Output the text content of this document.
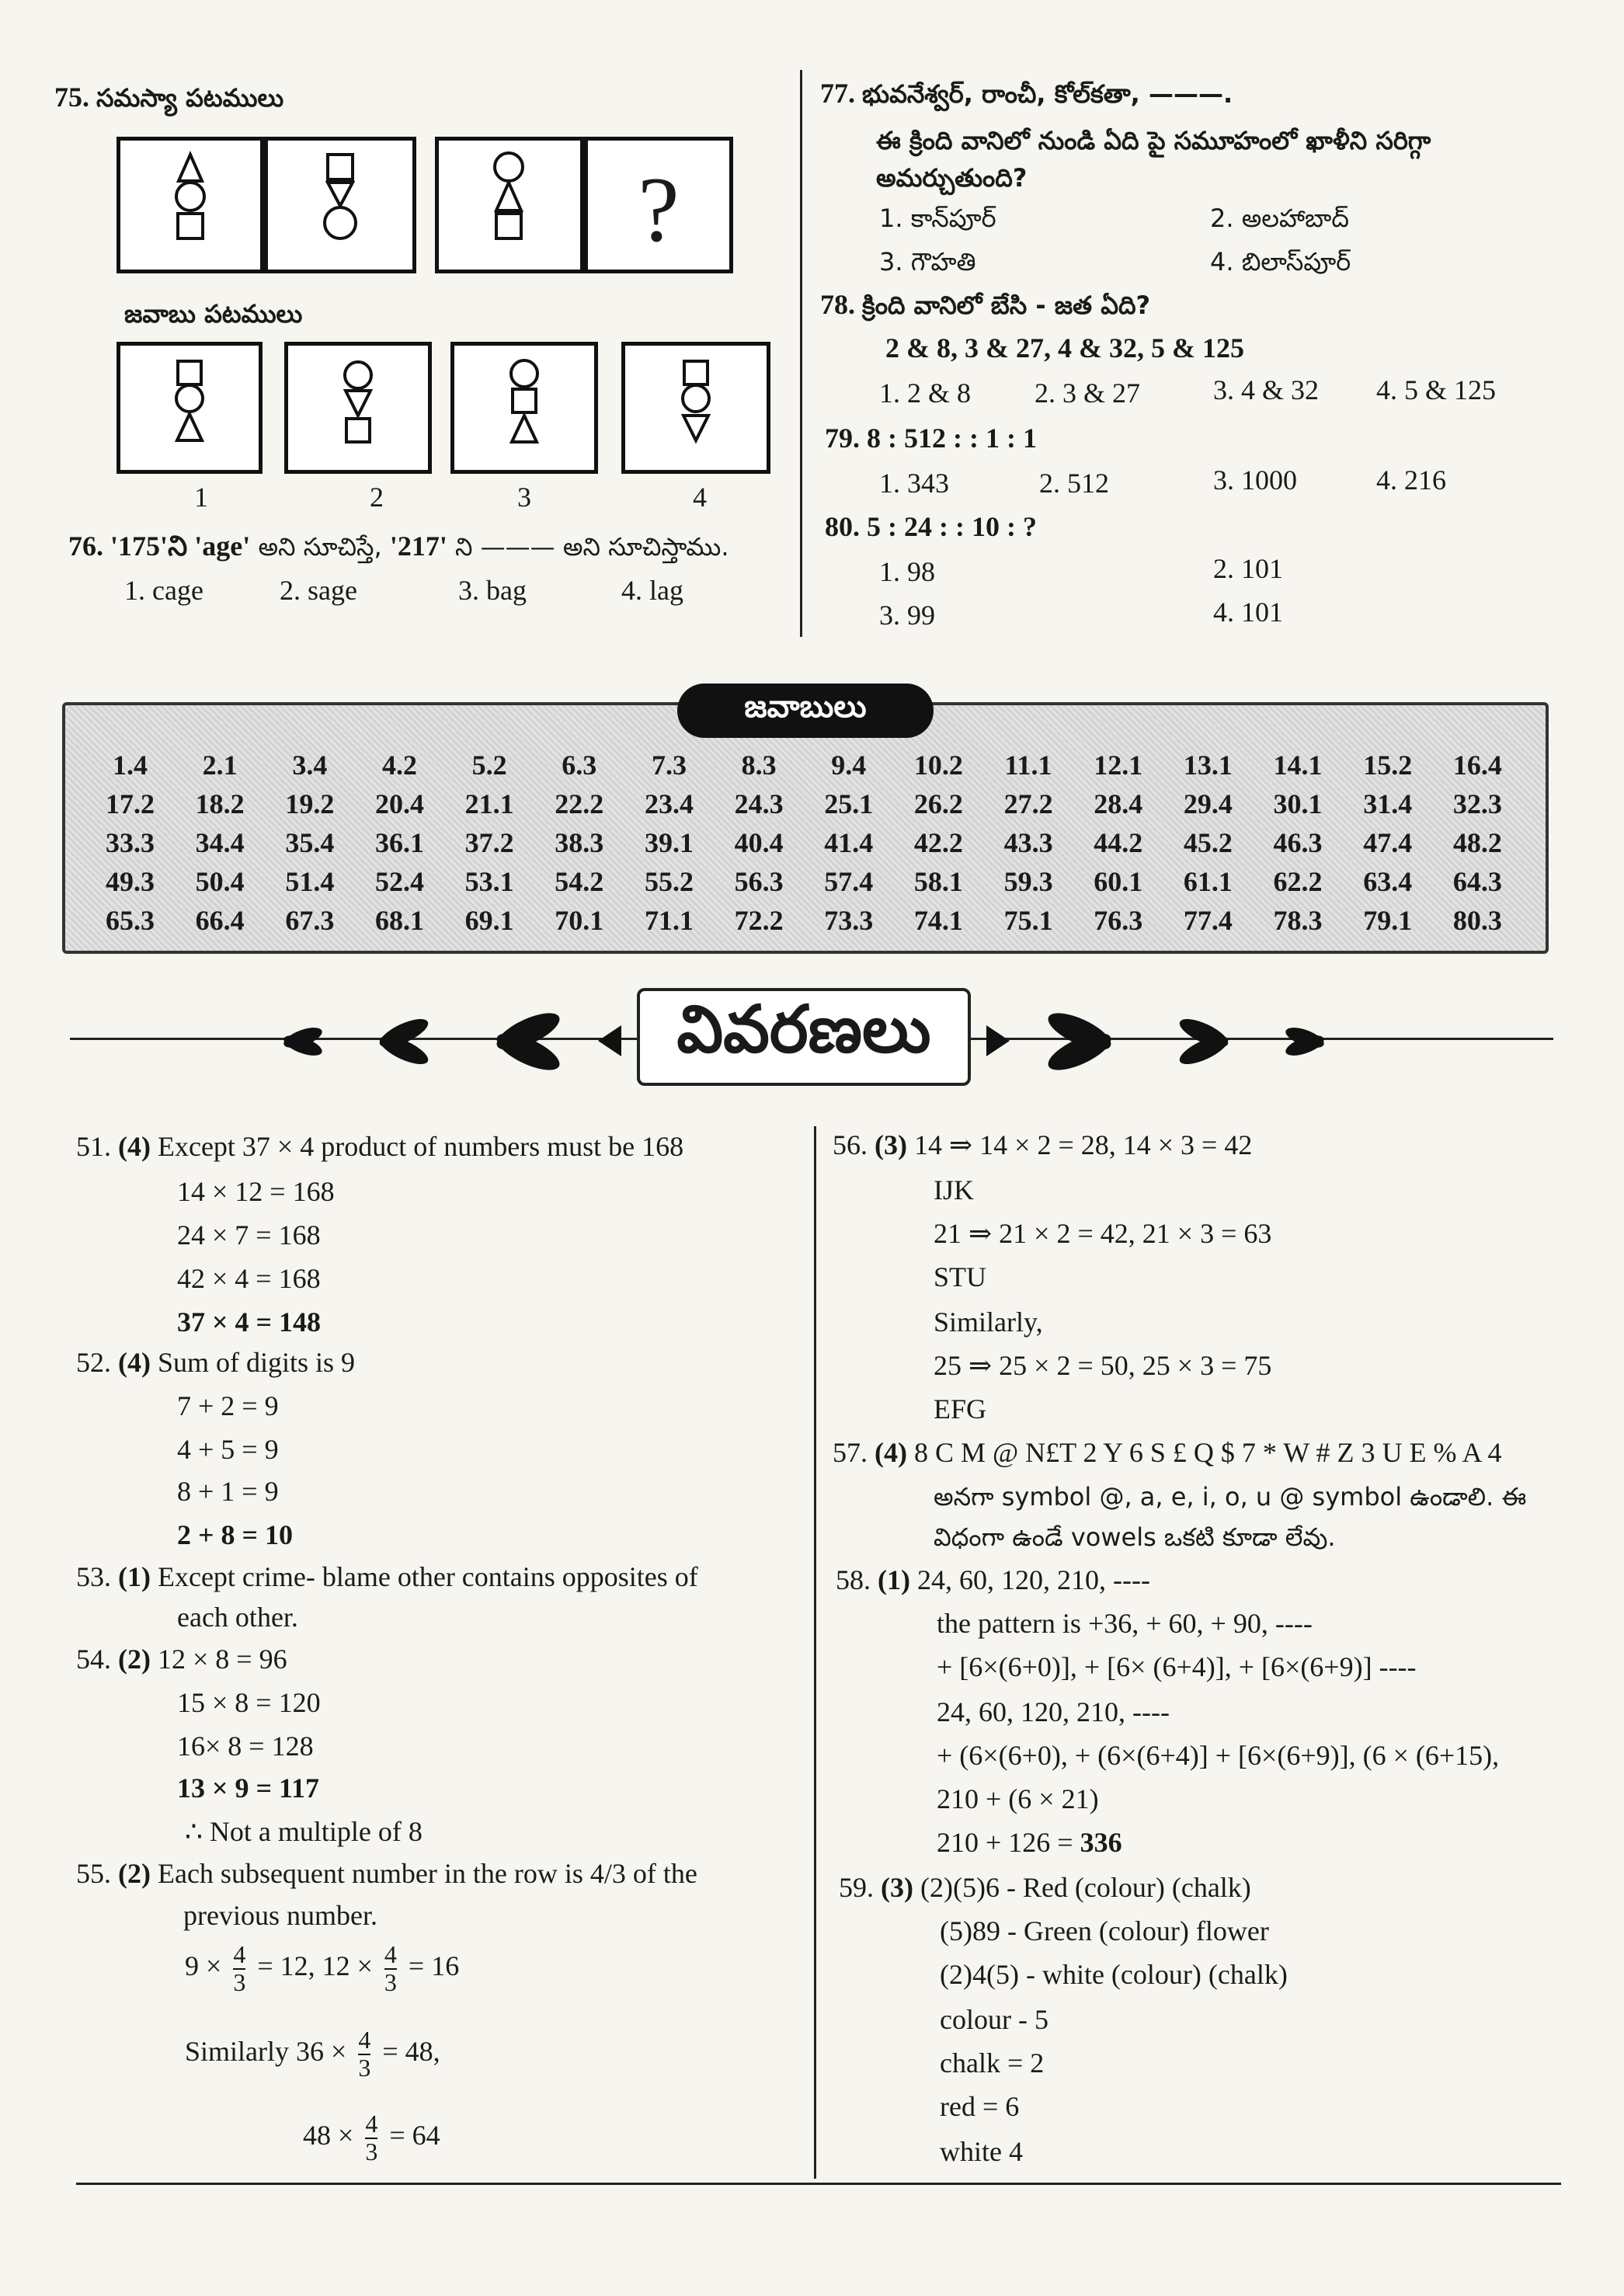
75. సమస్యా పటములు
?
జవాబు పటములు
1	2	3	4
76. '175'ని 'age' అని సూచిస్తే, '217' ని ——— అని సూచిస్తాము.
1. cage	2. sage	3. bag	4. lag
77. భువనేశ్వర్, రాంచీ, కోల్‌కతా, ———.
ఈ క్రింది వానిలో నుండి ఏది పై సమూహంలో ఖాళీని సరిగ్గా
అమర్చుతుంది?
1. కాన్‌పూర్	2. అలహాబాద్
3. గౌహతి	4. బిలాస్‌పూర్
78. క్రింది వానిలో బేసి - జత ఏది?
2 & 8, 3 & 27, 4 & 32, 5 & 125
1. 2 & 8 2. 3 & 27	3. 4 & 32 4. 5 & 125
79. 8 : 512 : : 1 : 1
1. 343	2. 512	3. 1000	4. 216
80. 5 : 24 : : 10 : ?
1. 98	2. 101
3. 99	4. 101
జవాబులు
1.4	2.1	3.4	4.2	5.2	6.3	7.3	8.3	9.4	10.2	11.1	12.1	13.1	14.1	15.2	16.4
17.2	18.2	19.2	20.4	21.1	22.2	23.4	24.3	25.1	26.2	27.2	28.4	29.4	30.1	31.4	32.3
33.3	34.4	35.4	36.1	37.2	38.3	39.1	40.4	41.4	42.2	43.3	44.2	45.2	46.3	47.4	48.2
49.3	50.4	51.4	52.4	53.1	54.2	55.2	56.3	57.4	58.1	59.3	60.1	61.1	62.2	63.4	64.3
65.3	66.4	67.3	68.1	69.1	70.1	71.1	72.2	73.3	74.1	75.1	76.3	77.4	78.3	79.1	80.3
వివరణలు
51. (4) Except 37 × 4 product of numbers must be 168
14 × 12 = 168
24 × 7 = 168
42 × 4 = 168
37 × 4 = 148
52. (4) Sum of digits is 9
7 + 2 = 9
4 + 5 = 9
8 + 1 = 9
2 + 8 = 10
53. (1) Except crime- blame other contains opposites of
each other.
54. (2) 12 × 8 = 96
15 × 8 = 120
16× 8 = 128
13 × 9 = 117
∴ Not a multiple of 8
55. (2) Each subsequent number in the row is 4/3 of the
previous number.
$9 \times \frac{4}{3} = 12$, $12 \times \frac{4}{3} = 16$
Similarly $36 \times \frac{4}{3} = 48$,
$48 \times \frac{4}{3} = 64$
56. (3) 14 ⇒ 14 × 2 = 28, 14 × 3 = 42
IJK
21 ⇒ 21 × 2 = 42, 21 × 3 = 63
STU
Similarly,
25 ⇒ 25 × 2 = 50, 25 × 3 = 75
EFG
57. (4) 8 C M @ N£T 2 Y 6 S £ Q $ 7 * W # Z 3 U E % A 4
అనగా symbol @, a, e, i, o, u @ symbol ఉండాలి. ఈ
విధంగా ఉండే vowels ఒకటి కూడా లేవు.
58. (1) 24, 60, 120, 210, ----
the pattern is +36, + 60, + 90, ----
+ [6×(6+0)], + [6× (6+4)], + [6×(6+9)] ----
24, 60, 120, 210, ----
+ (6×(6+0), + (6×(6+4)] + [6×(6+9)], (6 × (6+15),
210 + (6 × 21)
210 + 126 = 336
59. (3) (2)(5)6 - Red (colour) (chalk)
(5)89 - Green (colour) flower
(2)4(5) - white (colour) (chalk)
colour - 5
chalk = 2
red = 6
white 4
